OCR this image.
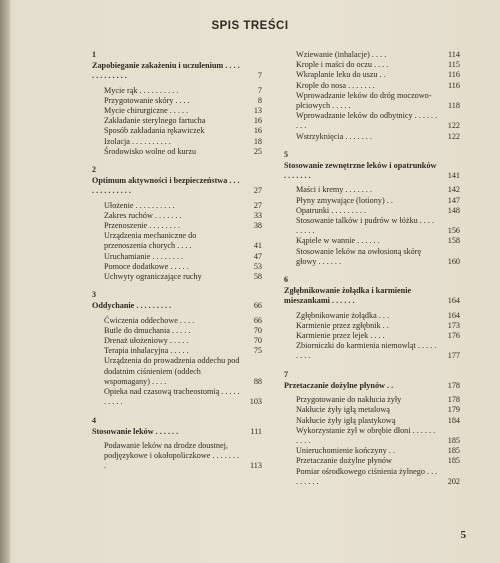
SPIS TREŚCI
1
Zapobieganie zakażeniu i uczulenium . . . . . . . . . . . . .	7
Mycie rąk . . . . . . . . . .	7
Przygotowanie skóry . . . .	8
Mycie chirurgiczne . . . . .	13
Zakładanie sterylnego fartucha	16
Sposób zakładania rękawiczek	16
Izolacja . . . . . . . . . .	18
Środowisko wolne od kurzu	25
2
Optimum aktywności i bezpieczeństwa . . . . . . . . . . . . .	27
Ułożenie . . . . . . . . . .	27
Zakres ruchów . . . . . . .	33
Przenoszenie . . . . . . . .	38
Urządzenia mechaniczne do przenoszenia chorych . . . .	41
Uruchamianie . . . . . . . .	47
Pomoce dodatkowe . . . . .	53
Uchwyty ograniczające ruchy	58
3
Oddychanie . . . . . . . . .	66
Ćwiczenia oddechowe . . . .	66
Butle do dmuchania . . . . .	70
Drenaż ułożeniowy . . . . .	70
Terapia inhalacyjna . . . . .	75
Urządzenia do prowadzenia oddechu pod dodatnim ciśnieniem (oddech wspomagany) . . . .	88
Opieka nad czasową tracheostomią . . . . . . . . . .	103
4
Stosowanie leków . . . . . .	111
Podawanie leków na drodze doustnej, podjęzykowe i okołopoliczkowe . . . . . . . .	113
Wziewanie (inhalacje) . . . .	114
Krople i maści do oczu . . . .	115
Wkraplanie leku do uszu . .	116
Krople do nosa . . . . . . .	116
Wprowadzanie leków do dróg moczowo-płciowych . . . . .	118
Wprowadzanie leków do odbytnicy . . . . . . . . .	122
Wstrzyknięcia . . . . . . .	122
5
Stosowanie zewnętrzne leków i opatrunków . . . . . . .	141
Maści i kremy . . . . . . .	142
Płyny zmywające (lotiony) . .	147
Opatrunki . . . . . . . . .	148
Stosowanie talków i pudrów w łóżku . . . . . . . . .	156
Kąpiele w wannie . . . . . .	158
Stosowanie leków na owłosioną skórę głowy . . . . . .	160
6
Zgłębnikowanie żołądka i karmienie mieszankami . . . . . .	164
Zgłębnikowanie żołądka . . .	164
Karmienie przez zgłębnik . .	173
Karmienie przez lejek . . . .	176
Zbiorniczki do karmienia niemowląt . . . . . . . . .	177
7
Przetaczanie dożylne płynów . .	178
Przygotowanie do nakłucia żyły	178
Nakłucie żyły igłą metalową	179
Nakłucie żyły igłą plastykową	184
Wykorzystanie żył w obrębie dłoni . . . . . . . . . .	185
Unieruchomienie kończyny . .	185
Przetaczanie dożylne płynów	185
Pomiar ośrodkowego ciśnienia żylnego . . . . . . . . .	202
5
